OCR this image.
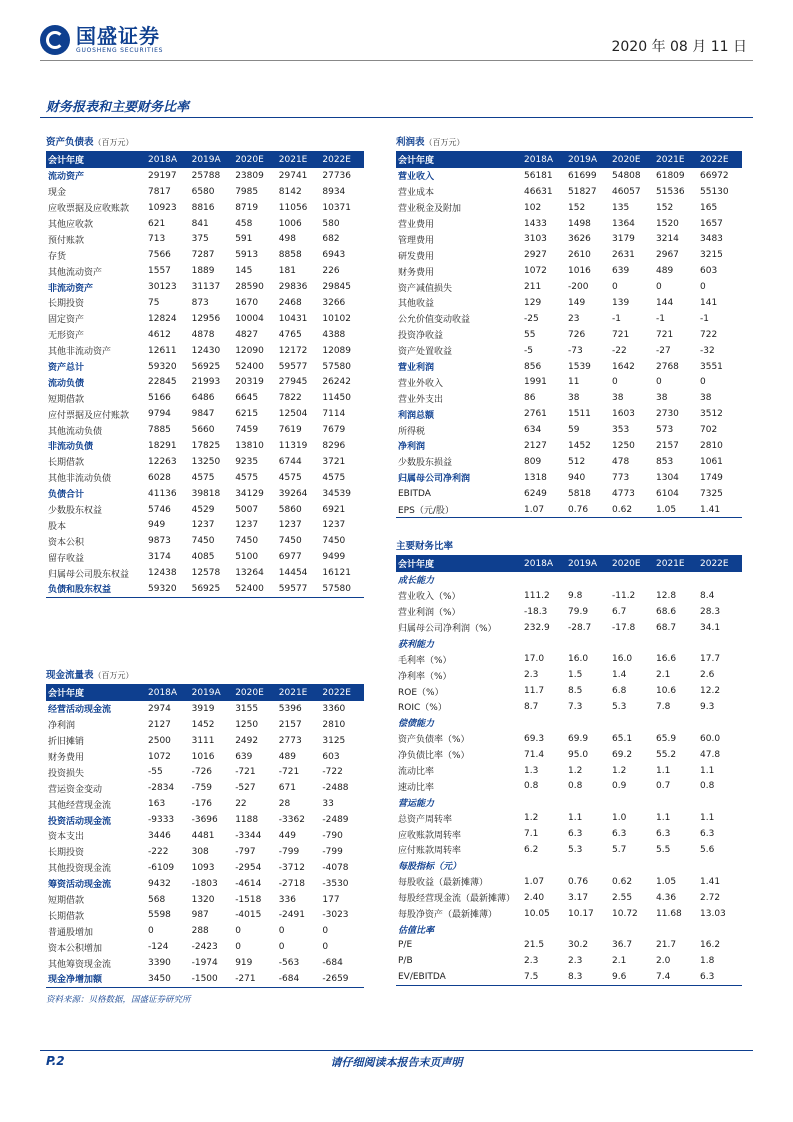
国盛证券
GUOSHENG SECURITIES	2020 年 08 月 11 日
财务报表和主要财务比率
资产负债表（百万元）
会计年度	2018A	2019A	2020E	2021E	2022E
流动资产	29197	25788	23809	29741	27736
现金	7817	6580	7985	8142	8934
应收票据及应收账款	10923	8816	8719	11056	10371
其他应收款	621	841	458	1006	580
预付账款	713	375	591	498	682
存货	7566	7287	5913	8858	6943
其他流动资产	1557	1889	145	181	226
非流动资产	30123	31137	28590	29836	29845
长期投资	75	873	1670	2468	3266
固定资产	12824	12956	10004	10431	10102
无形资产	4612	4878	4827	4765	4388
其他非流动资产	12611	12430	12090	12172	12089
资产总计	59320	56925	52400	59577	57580
流动负债	22845	21993	20319	27945	26242
短期借款	5166	6486	6645	7822	11450
应付票据及应付账款	9794	9847	6215	12504	7114
其他流动负债	7885	5660	7459	7619	7679
非流动负债	18291	17825	13810	11319	8296
长期借款	12263	13250	9235	6744	3721
其他非流动负债	6028	4575	4575	4575	4575
负债合计	41136	39818	34129	39264	34539
少数股东权益	5746	4529	5007	5860	6921
股本	949	1237	1237	1237	1237
资本公积	9873	7450	7450	7450	7450
留存收益	3174	4085	5100	6977	9499
归属母公司股东权益	12438	12578	13264	14454	16121
负债和股东权益	59320	56925	52400	59577	57580
利润表（百万元）
会计年度	2018A	2019A	2020E	2021E	2022E
营业收入	56181	61699	54808	61809	66972
营业成本	46631	51827	46057	51536	55130
营业税金及附加	102	152	135	152	165
营业费用	1433	1498	1364	1520	1657
管理费用	3103	3626	3179	3214	3483
研发费用	2927	2610	2631	2967	3215
财务费用	1072	1016	639	489	603
资产减值损失	211	-200	0	0	0
其他收益	129	149	139	144	141
公允价值变动收益	-25	23	-1	-1	-1
投资净收益	55	726	721	721	722
资产处置收益	-5	-73	-22	-27	-32
营业利润	856	1539	1642	2768	3551
营业外收入	1991	11	0	0	0
营业外支出	86	38	38	38	38
利润总额	2761	1511	1603	2730	3512
所得税	634	59	353	573	702
净利润	2127	1452	1250	2157	2810
少数股东损益	809	512	478	853	1061
归属母公司净利润	1318	940	773	1304	1749
EBITDA	6249	5818	4773	6104	7325
EPS（元/股）	1.07	0.76	0.62	1.05	1.41
主要财务比率
会计年度	2018A	2019A	2020E	2021E	2022E
成长能力					
营业收入（%）	111.2	9.8	-11.2	12.8	8.4
营业利润（%）	-18.3	79.9	6.7	68.6	28.3
归属母公司净利润（%）	232.9	-28.7	-17.8	68.7	34.1
获利能力					
毛利率（%）	17.0	16.0	16.0	16.6	17.7
净利率（%）	2.3	1.5	1.4	2.1	2.6
ROE（%）	11.7	8.5	6.8	10.6	12.2
ROIC（%）	8.7	7.3	5.3	7.8	9.3
偿债能力					
资产负债率（%）	69.3	69.9	65.1	65.9	60.0
净负债比率（%）	71.4	95.0	69.2	55.2	47.8
流动比率	1.3	1.2	1.2	1.1	1.1
速动比率	0.8	0.8	0.9	0.7	0.8
营运能力					
总资产周转率	1.2	1.1	1.0	1.1	1.1
应收账款周转率	7.1	6.3	6.3	6.3	6.3
应付账款周转率	6.2	5.3	5.7	5.5	5.6
每股指标（元）					
每股收益（最新摊薄）	1.07	0.76	0.62	1.05	1.41
每股经营现金流（最新摊薄）	2.40	3.17	2.55	4.36	2.72
每股净资产（最新摊薄）	10.05	10.17	10.72	11.68	13.03
估值比率					
P/E	21.5	30.2	36.7	21.7	16.2
P/B	2.3	2.3	2.1	2.0	1.8
EV/EBITDA	7.5	8.3	9.6	7.4	6.3
现金流量表（百万元）
会计年度	2018A	2019A	2020E	2021E	2022E
经营活动现金流	2974	3919	3155	5396	3360
净利润	2127	1452	1250	2157	2810
折旧摊销	2500	3111	2492	2773	3125
财务费用	1072	1016	639	489	603
投资损失	-55	-726	-721	-721	-722
营运资金变动	-2834	-759	-527	671	-2488
其他经营现金流	163	-176	22	28	33
投资活动现金流	-9333	-3696	1188	-3362	-2489
资本支出	3446	4481	-3344	449	-790
长期投资	-222	308	-797	-799	-799
其他投资现金流	-6109	1093	-2954	-3712	-4078
筹资活动现金流	9432	-1803	-4614	-2718	-3530
短期借款	568	1320	-1518	336	177
长期借款	5598	987	-4015	-2491	-3023
普通股增加	0	288	0	0	0
资本公积增加	-124	-2423	0	0	0
其他筹资现金流	3390	-1974	919	-563	-684
现金净增加额	3450	-1500	-271	-684	-2659
资料来源：贝格数据，国盛证券研究所
请仔细阅读本报告末页声明
P.2
